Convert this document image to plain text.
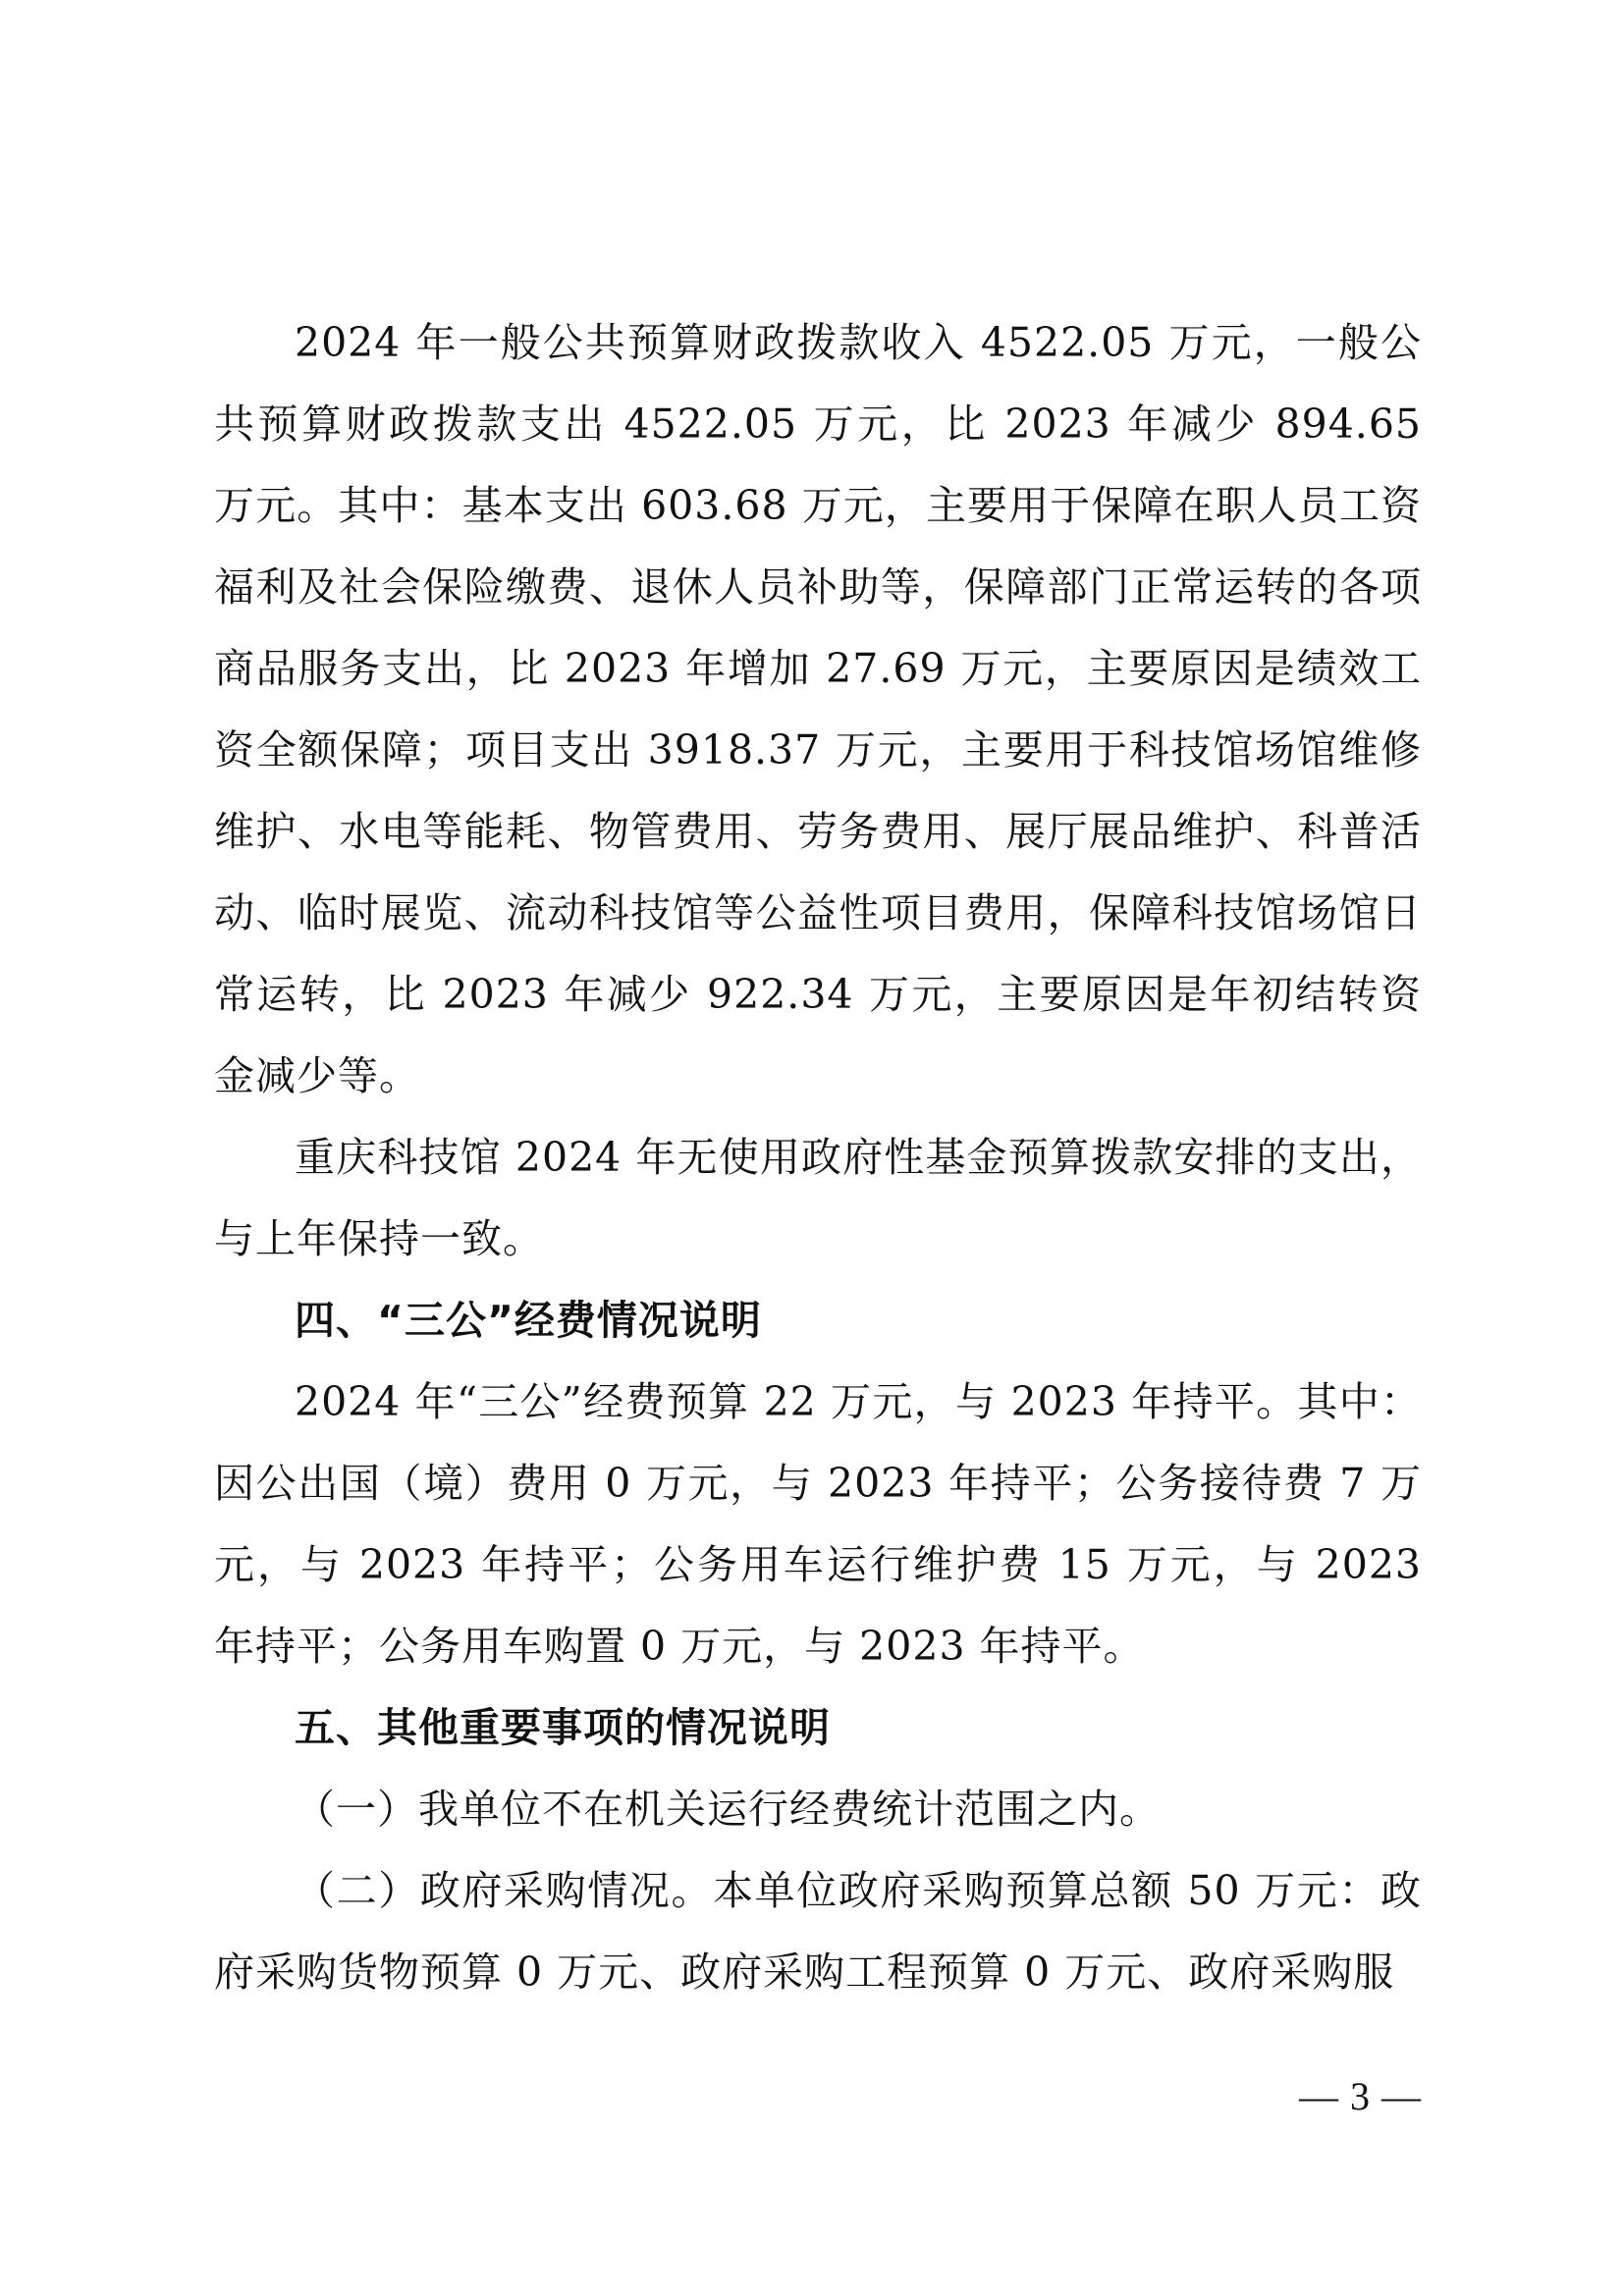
2024 年一般公共预算财政拨款收入 4522.05 万元，一般公共预算财政拨款支出 4522.05 万元，比 2023 年减少 894.65 万元。其中：基本支出 603.68 万元，主要用于保障在职人员工资福利及社会保险缴费、退休人员补助等，保障部门正常运转的各项商品服务支出，比 2023 年增加 27.69 万元，主要原因是绩效工资全额保障；项目支出 3918.37 万元，主要用于科技馆场馆维修维护、水电等能耗、物管费用、劳务费用、展厅展品维护、科普活动、临时展览、流动科技馆等公益性项目费用，保障科技馆场馆日常运转，比 2023 年减少 922.34 万元，主要原因是年初结转资金减少等。

重庆科技馆 2024 年无使用政府性基金预算拨款安排的支出，与上年保持一致。

四、“三公”经费情况说明

2024 年“三公”经费预算 22 万元，与 2023 年持平。其中：因公出国（境）费用 0 万元，与 2023 年持平；公务接待费 7 万元，与 2023 年持平；公务用车运行维护费 15 万元，与 2023 年持平；公务用车购置 0 万元，与 2023 年持平。

五、其他重要事项的情况说明

（一）我单位不在机关运行经费统计范围之内。

（二）政府采购情况。本单位政府采购预算总额 50 万元：政府采购货物预算 0 万元、政府采购工程预算 0 万元、政府采购服

— 3 —
